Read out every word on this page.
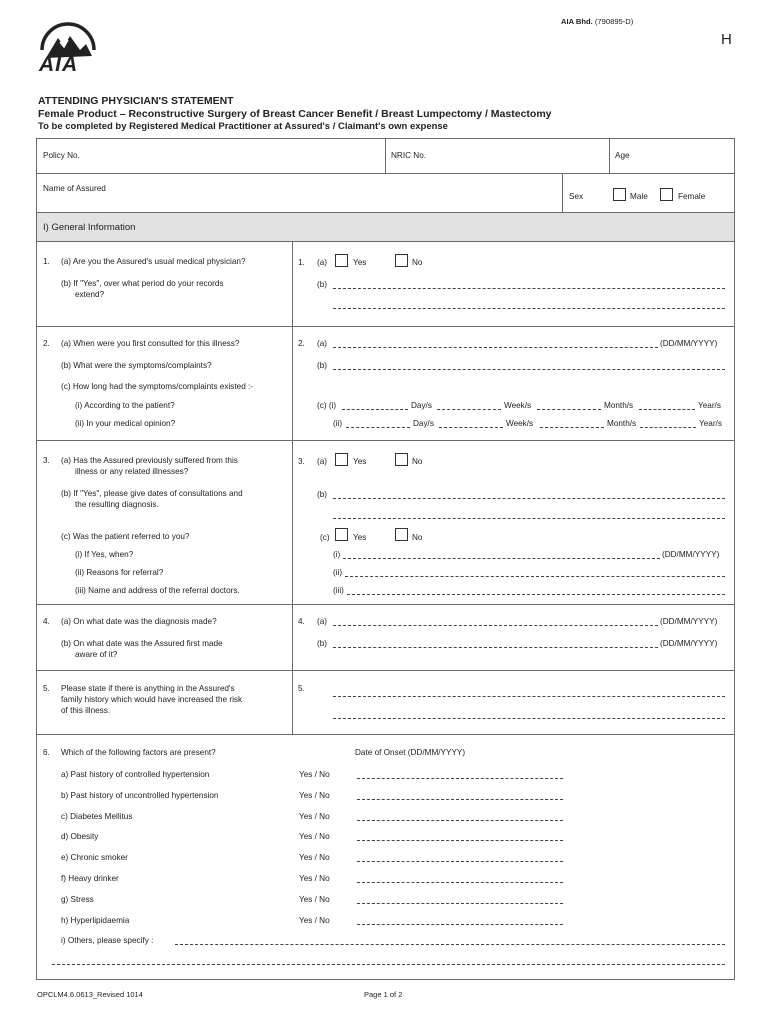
AIA
AIA Bhd. (790895-D)
H
ATTENDING PHYSICIAN'S STATEMENT
Female Product – Reconstructive Surgery of Breast Cancer Benefit / Breast Lumpectomy / Mastectomy
To be completed by Registered Medical Practitioner at Assured's / Claimant's own expense
Policy No.	NRIC No.	Age
Name of Assured
Sex	Male	Female
I) General Information
1. (a) Are you the Assured's usual medical physician?
(b) If "Yes", over what period do your records
extend?
1. (a)	Yes	No
(b)
2. (a) When were you first consulted for this illness?
(b) What were the symptoms/complaints?
(c) How long had the symptoms/complaints existed :-
(i) According to the patient?
(ii) In your medical opinion?
2. (a)	(DD/MM/YYYY)
(b)
(c) (i)	Day/s	Week/s	Month/s	Year/s
(ii)	Day/s	Week/s	Month/s	Year/s
3. (a) Has the Assured previously suffered from this
illness or any related illnesses?
(b) If "Yes", please give dates of consultations and
the resulting diagnosis.
(c) Was the patient referred to you?
(i) If Yes, when?
(ii) Reasons for referral?
(iii) Name and address of the referral doctors.
3. (a)	Yes	No
(b)
(c)	Yes	No
(i)	(DD/MM/YYYY)
(ii)
(iii)
4. (a) On what date was the diagnosis made?
(b) On what date was the Assured first made
aware of it?
4. (a)	(DD/MM/YYYY)
(b)	(DD/MM/YYYY)
5. Please state if there is anything in the Assured's
family history which would have increased the risk
of this illness.
5.
6. Which of the following factors are present?	Date of Onset (DD/MM/YYYY)
a) Past history of controlled hypertension	Yes / No
b) Past history of uncontrolled hypertension	Yes / No
c) Diabetes Mellitus	Yes / No
d) Obesity	Yes / No
e) Chronic smoker	Yes / No
f) Heavy drinker	Yes / No
g) Stress	Yes / No
h) Hyperlipidaemia	Yes / No
i) Others, please specify :
OPCLM4.6.0613_Revised 1014	Page 1 of 2
